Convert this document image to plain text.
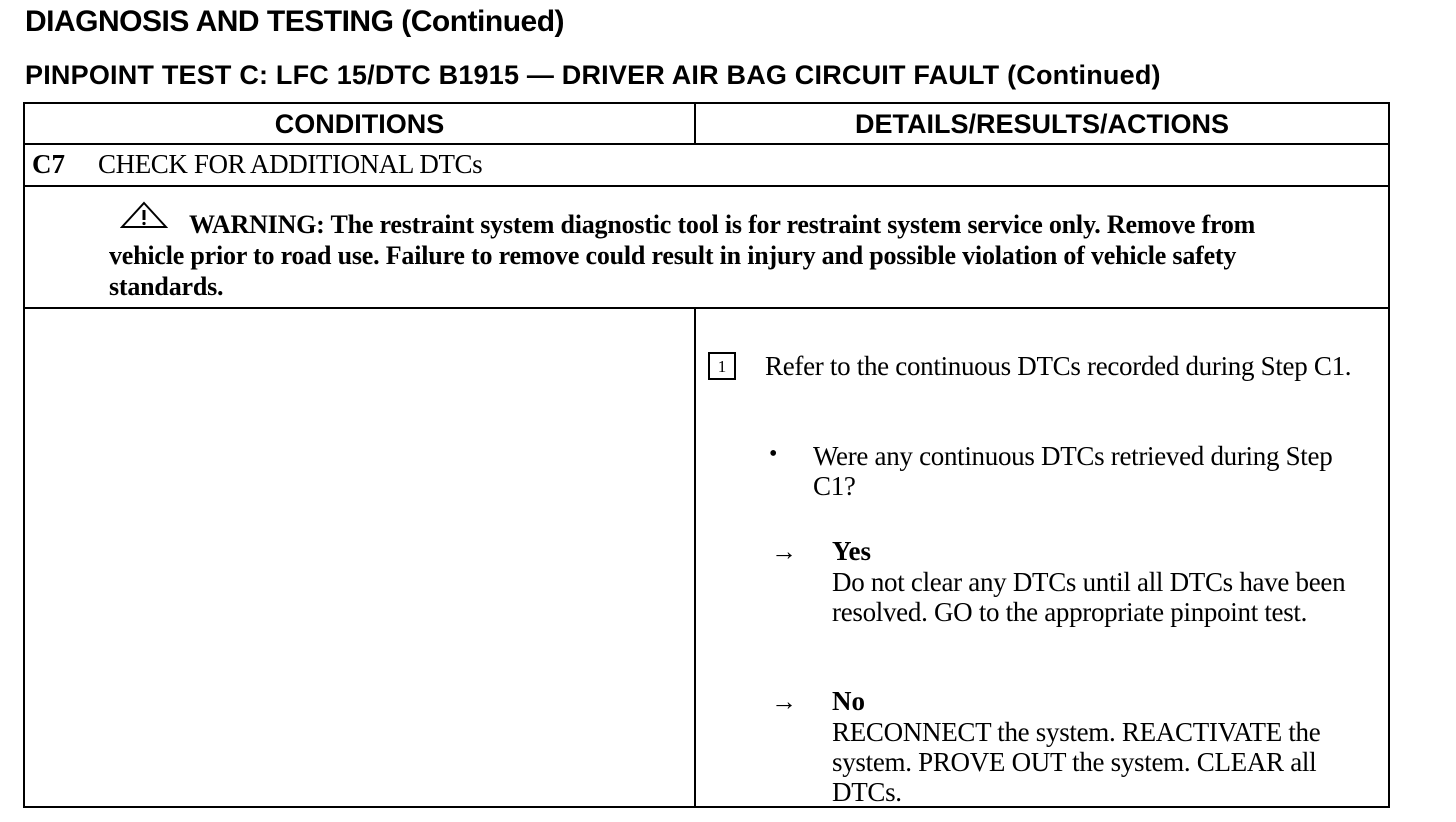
DIAGNOSIS AND TESTING (Continued)
PINPOINT TEST C: LFC 15/DTC B1915 — DRIVER AIR BAG CIRCUIT FAULT (Continued)
CONDITIONS	DETAILS/RESULTS/ACTIONS
C7 CHECK FOR ADDITIONAL DTCs
WARNING: The restraint system diagnostic tool is for restraint system service only. Remove from vehicle prior to road use. Failure to remove could result in injury and possible violation of vehicle safety standards.
1	Refer to the continuous DTCs recorded during Step C1.
• Were any continuous DTCs retrieved during Step C1?
→ Yes
Do not clear any DTCs until all DTCs have been resolved. GO to the appropriate pinpoint test.
→ No
RECONNECT the system. REACTIVATE the system. PROVE OUT the system. CLEAR all DTCs.
